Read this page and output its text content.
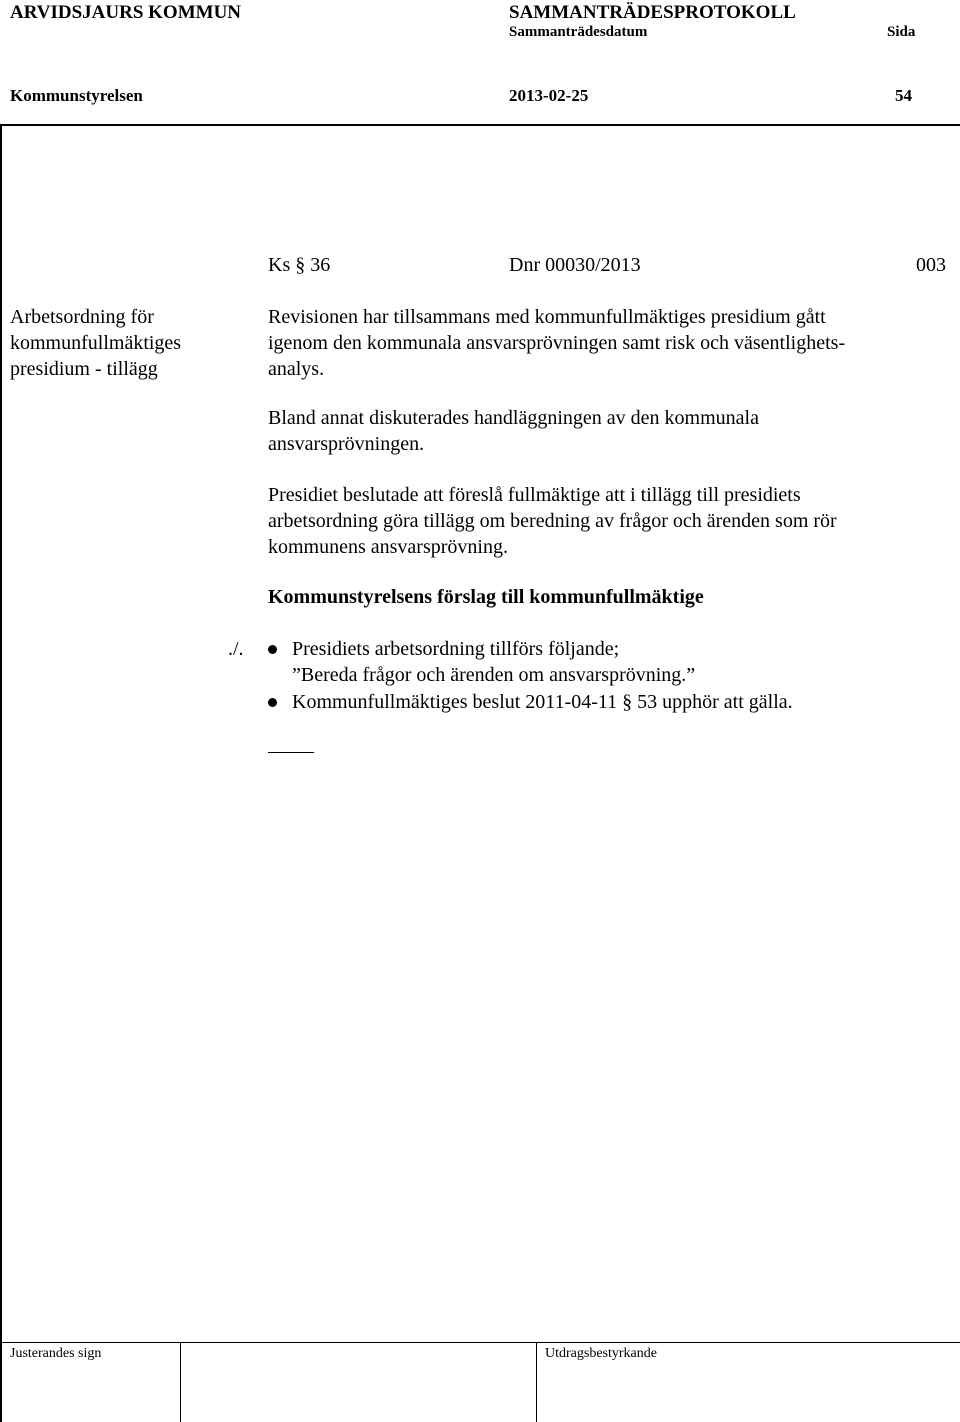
ARVIDSJAURS KOMMUN	SAMMANTRÄDESPROTOKOLL
Sammanträdesdatum	Sida
Kommunstyrelsen	2013-02-25	54
Ks § 36	Dnr 00030/2013	003
Arbetsordning för
kommunfullmäktiges
presidium - tillägg
Revisionen har tillsammans med kommunfullmäktiges presidium gått
igenom den kommunala ansvarsprövningen samt risk och väsentlighets-
analys.
Bland annat diskuterades handläggningen av den kommunala
ansvarsprövningen.
Presidiet beslutade att föreslå fullmäktige att i tillägg till presidiets
arbetsordning göra tillägg om beredning av frågor och ärenden som rör
kommunens ansvarsprövning.
Kommunstyrelsens förslag till kommunfullmäktige
./. Presidiets arbetsordning tillförs följande;
”Bereda frågor och ärenden om ansvarsprövning.”
Kommunfullmäktiges beslut 2011-04-11 § 53 upphör att gälla.
Justerandes sign	Utdragsbestyrkande
